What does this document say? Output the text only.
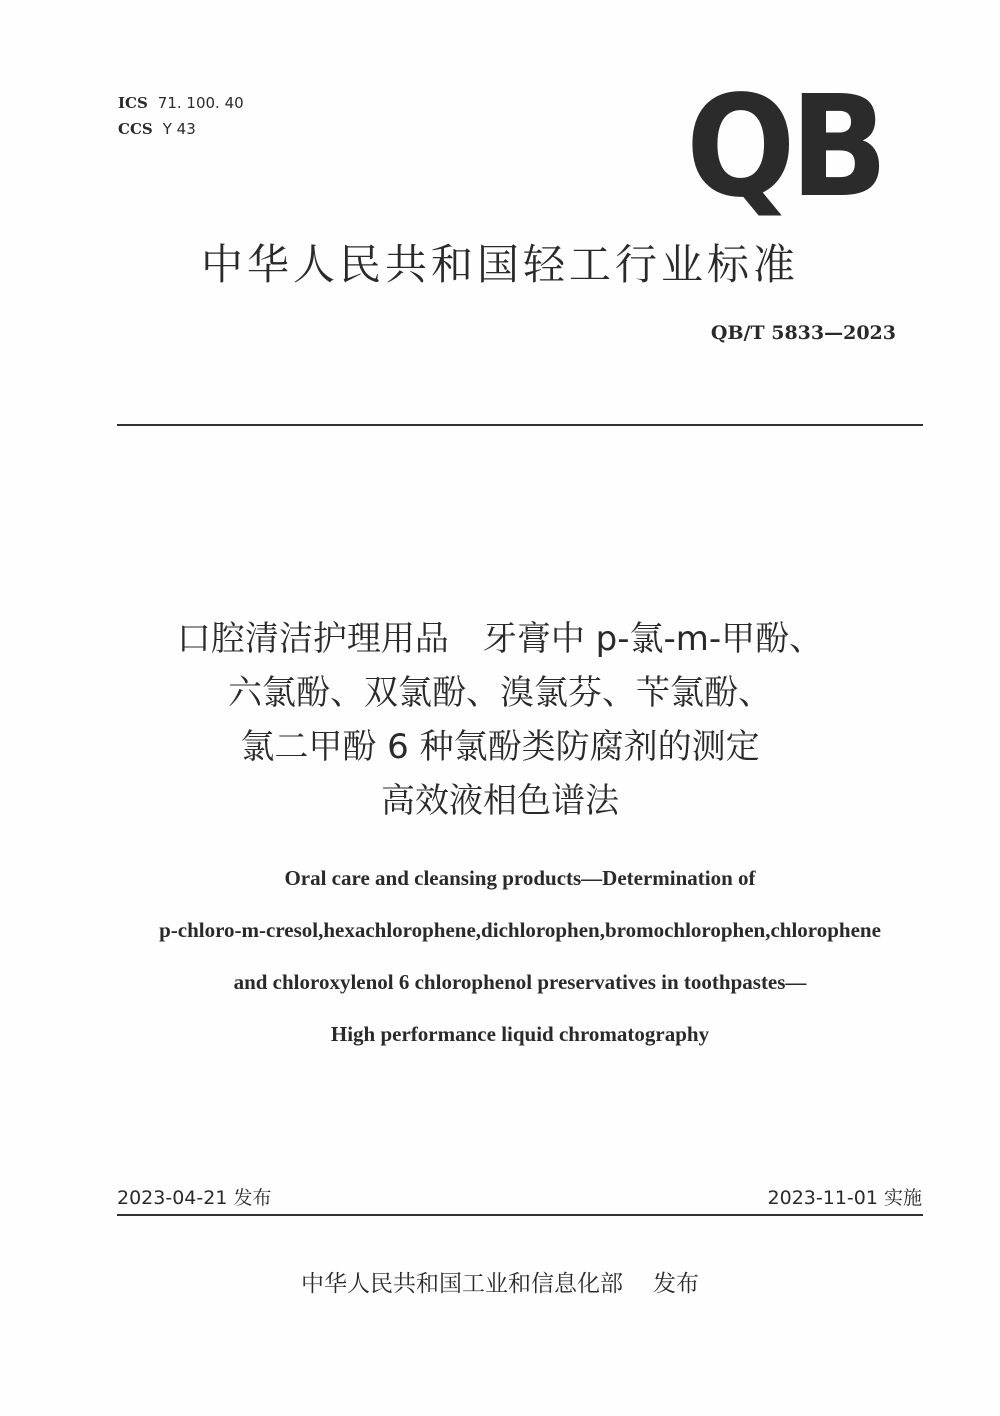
ICS 71. 100. 40
CCS Y 43	QB
中华人民共和国轻工行业标准
QB/T 5833—2023
口腔清洁护理用品　牙膏中 p-氯-m-甲酚、
六氯酚、双氯酚、溴氯芬、苄氯酚、
氯二甲酚 6 种氯酚类防腐剂的测定
高效液相色谱法
Oral care and cleansing products—Determination of
p-chloro-m-cresol,hexachlorophene,dichlorophen,bromochlorophen,chlorophene
and chloroxylenol 6 chlorophenol preservatives in toothpastes—
High performance liquid chromatography
2023-04-21 发布	2023-11-01 实施
中华人民共和国工业和信息化部 发布
